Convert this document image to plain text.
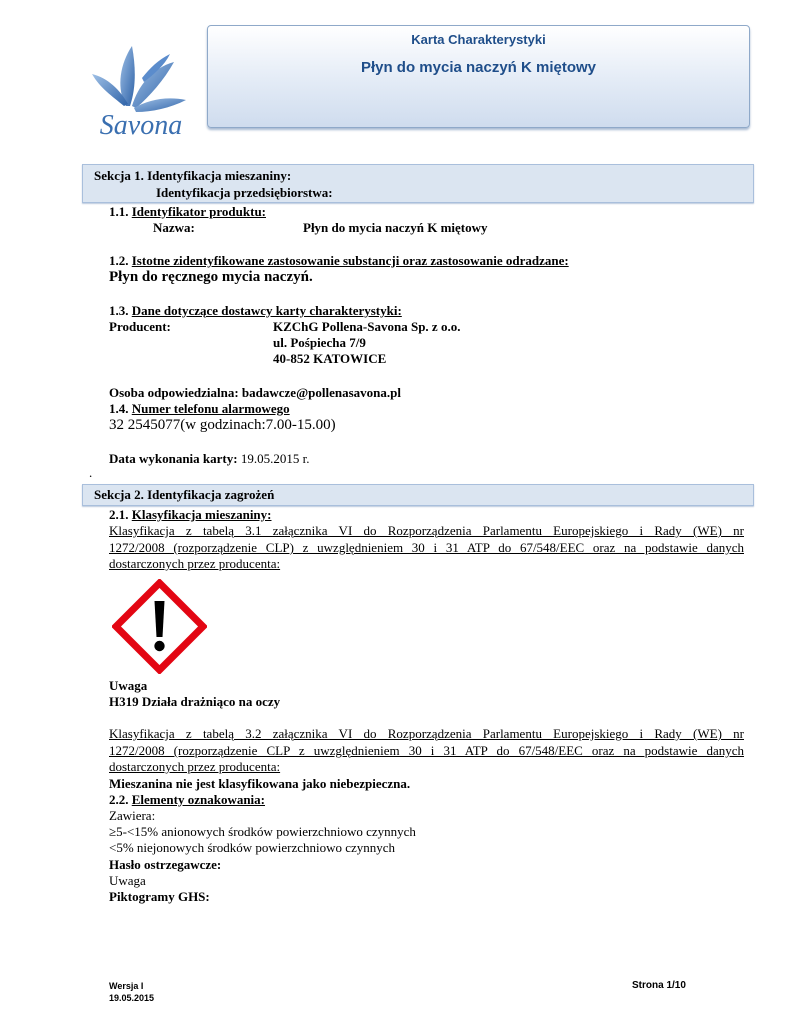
Savona
Karta Charakterystyki
Płyn do mycia naczyń K miętowy
Sekcja 1. Identyfikacja mieszaniny:
Identyfikacja przedsiębiorstwa:
1.1. Identyfikator produktu:
Nazwa:	Płyn do mycia naczyń K miętowy
1.2. Istotne zidentyfikowane zastosowanie substancji oraz zastosowanie odradzane:
Płyn do ręcznego mycia naczyń.
1.3. Dane dotyczące dostawcy karty charakterystyki:
Producent:	KZChG Pollena-Savona Sp. z o.o.
ul. Pośpiecha 7/9
40-852 KATOWICE
Osoba odpowiedzialna: badawcze@pollenasavona.pl
1.4. Numer telefonu alarmowego
32 2545077(w godzinach:7.00-15.00)
Data wykonania karty: 19.05.2015 r.
.
Sekcja 2. Identyfikacja zagrożeń
2.1. Klasyfikacja mieszaniny:
Klasyfikacja z tabelą 3.1 załącznika VI do Rozporządzenia Parlamentu Europejskiego i Rady (WE) nr
1272/2008 (rozporządzenie CLP) z uwzględnieniem 30 i 31 ATP do 67/548/EEC oraz na podstawie danych
dostarczonych przez producenta:
Uwaga
H319 Działa drażniąco na oczy
Klasyfikacja z tabelą 3.2 załącznika VI do Rozporządzenia Parlamentu Europejskiego i Rady (WE) nr
1272/2008 (rozporządzenie CLP z uwzględnieniem 30 i 31 ATP do 67/548/EEC oraz na podstawie danych
dostarczonych przez producenta:
Mieszanina nie jest klasyfikowana jako niebezpieczna.
2.2. Elementy oznakowania:
Zawiera:
≥5-<15% anionowych środków powierzchniowo czynnych
<5% niejonowych środków powierzchniowo czynnych
Hasło ostrzegawcze:
Uwaga
Piktogramy GHS:
Wersja I
19.05.2015
Strona 1/10
